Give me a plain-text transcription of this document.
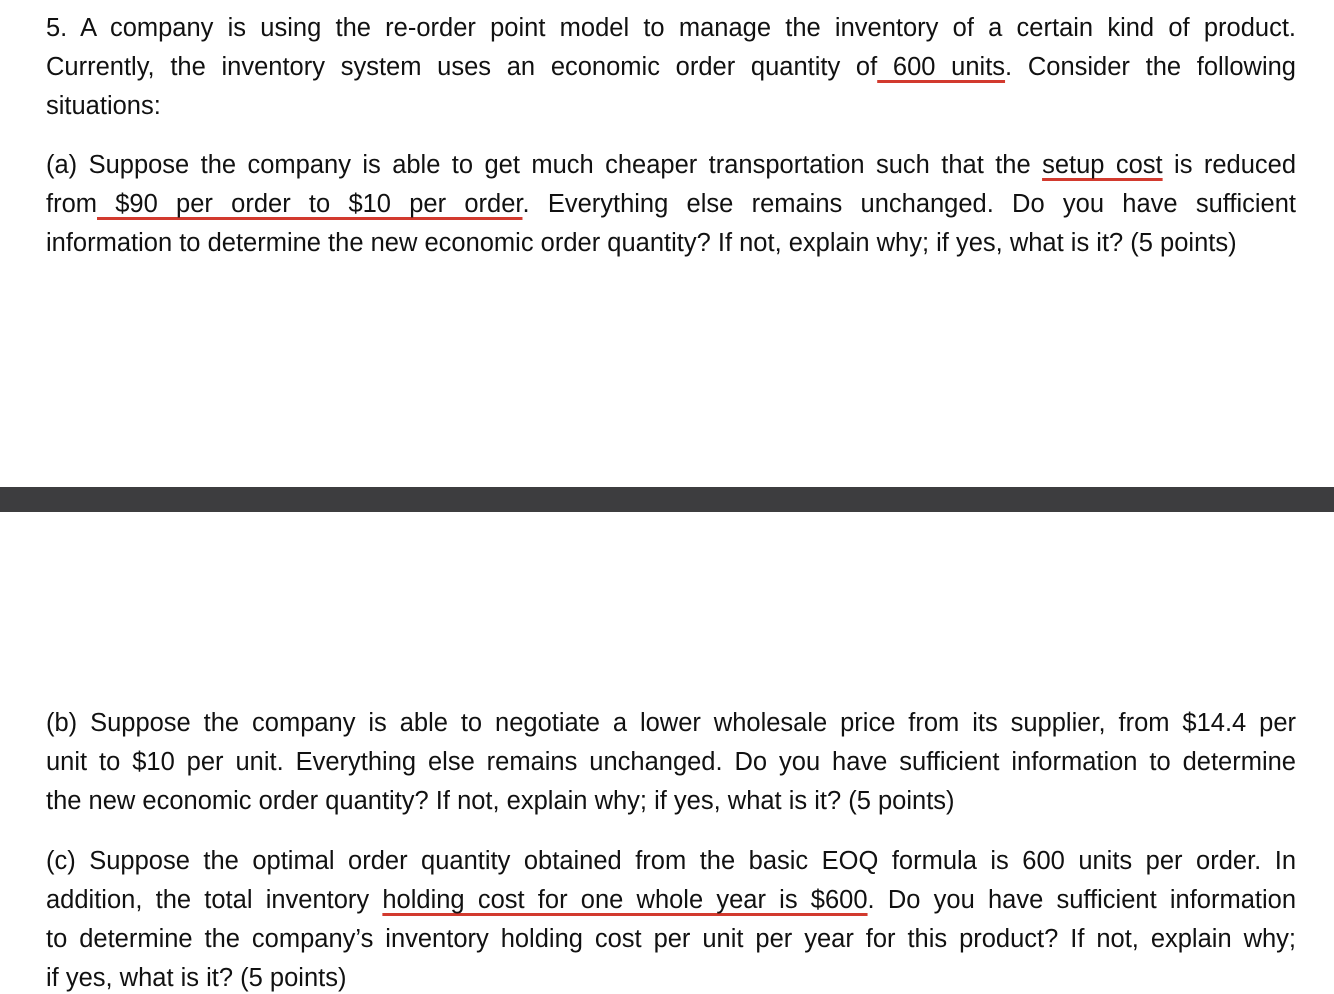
5. A company is using the re-order point model to manage the inventory of a certain kind of product.
Currently, the inventory system uses an economic order quantity of 600 units. Consider the following
situations:

(a) Suppose the company is able to get much cheaper transportation such that the setup cost is reduced
from $90 per order to $10 per order. Everything else remains unchanged. Do you have sufficient
information to determine the new economic order quantity? If not, explain why; if yes, what is it? (5 points)

(b) Suppose the company is able to negotiate a lower wholesale price from its supplier, from $14.4 per
unit to $10 per unit. Everything else remains unchanged. Do you have sufficient information to determine
the new economic order quantity? If not, explain why; if yes, what is it? (5 points)

(c) Suppose the optimal order quantity obtained from the basic EOQ formula is 600 units per order. In
addition, the total inventory holding cost for one whole year is $600. Do you have sufficient information
to determine the company’s inventory holding cost per unit per year for this product? If not, explain why;
if yes, what is it? (5 points)
